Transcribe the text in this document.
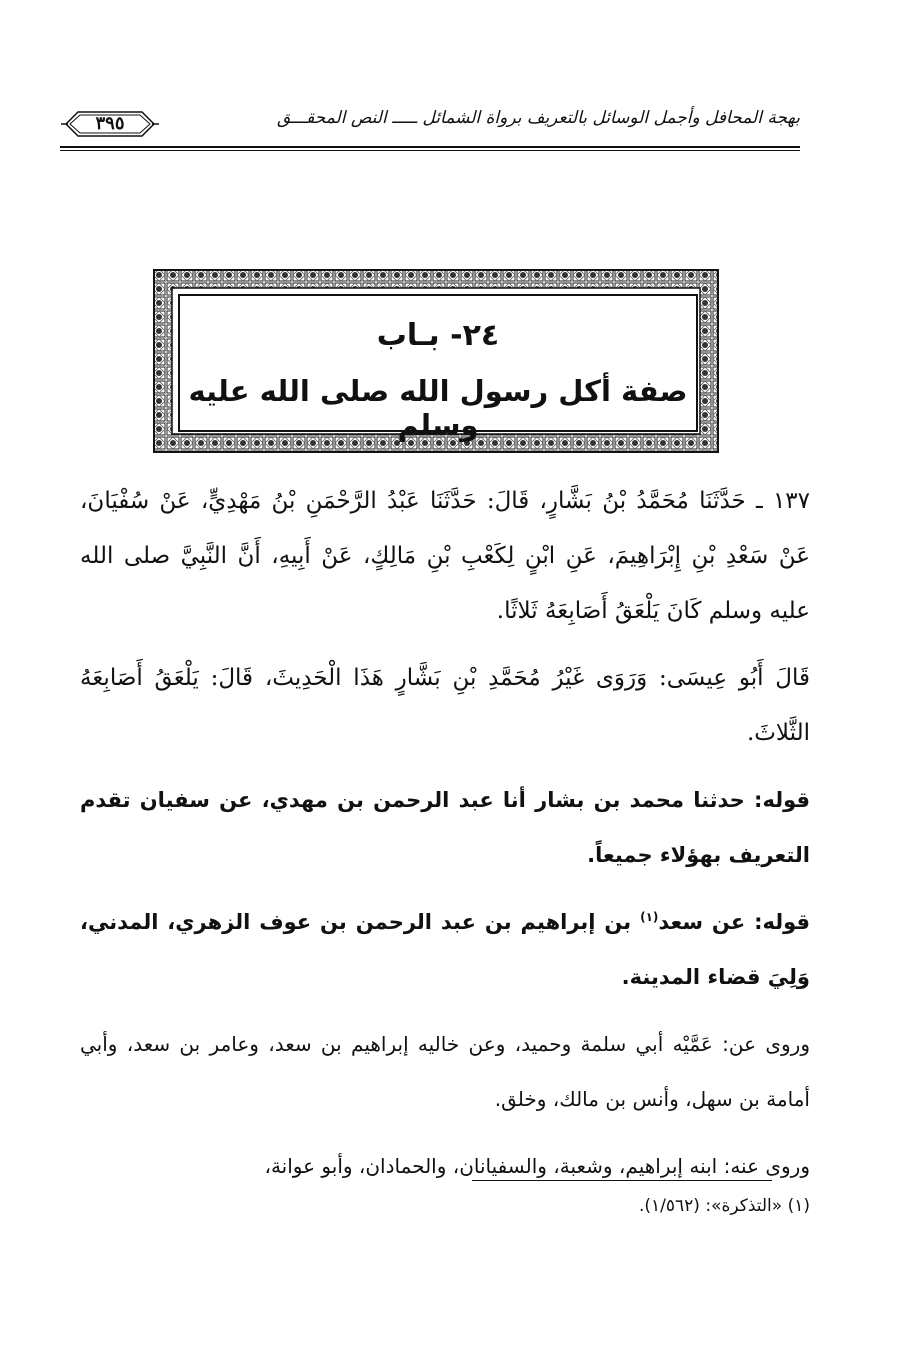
بهجة المحافل وأجمل الوسائل بالتعريف برواة الشمائل ـــــ النص المحقـــق
٣٩٥
٢٤- بـاب
صفة أكل رسول الله صلى الله عليه وسلم

١٣٧ ـ حَدَّثَنَا مُحَمَّدُ بْنُ بَشَّارٍ، قَالَ: حَدَّثَنَا عَبْدُ الرَّحْمَنِ بْنُ مَهْدِيٍّ، عَنْ سُفْيَانَ، عَنْ سَعْدِ بْنِ إِبْرَاهِيمَ، عَنِ ابْنٍ لِكَعْبِ بْنِ مَالِكٍ، عَنْ أَبِيهِ، أَنَّ النَّبِيَّ صلى الله عليه وسلم كَانَ يَلْعَقُ أَصَابِعَهُ ثَلاثًا.

قَالَ أَبُو عِيسَى: وَرَوَى غَيْرُ مُحَمَّدِ بْنِ بَشَّارٍ هَذَا الْحَدِيثَ، قَالَ: يَلْعَقُ أَصَابِعَهُ الثَّلاثَ.

قوله: حدثنا محمد بن بشار أنا عبد الرحمن بن مهدي، عن سفيان تقدم التعريف بهؤلاء جميعاً.

قوله: عن سعد$^{(١)}$ بن إبراهيم بن عبد الرحمن بن عوف الزهري، المدني، وَلِيَ قضاء المدينة.

وروى عن: عَمَّيْه أبي سلمة وحميد، وعن خاليه إبراهيم بن سعد، وعامر بن سعد، وأبي أمامة بن سهل، وأنس بن مالك، وخلق.

وروى عنه: ابنه إبراهيم، وشعبة، والسفيانان، والحمادان، وأبو عوانة،

(١) «التذكرة»: (١/٥٦٢).
